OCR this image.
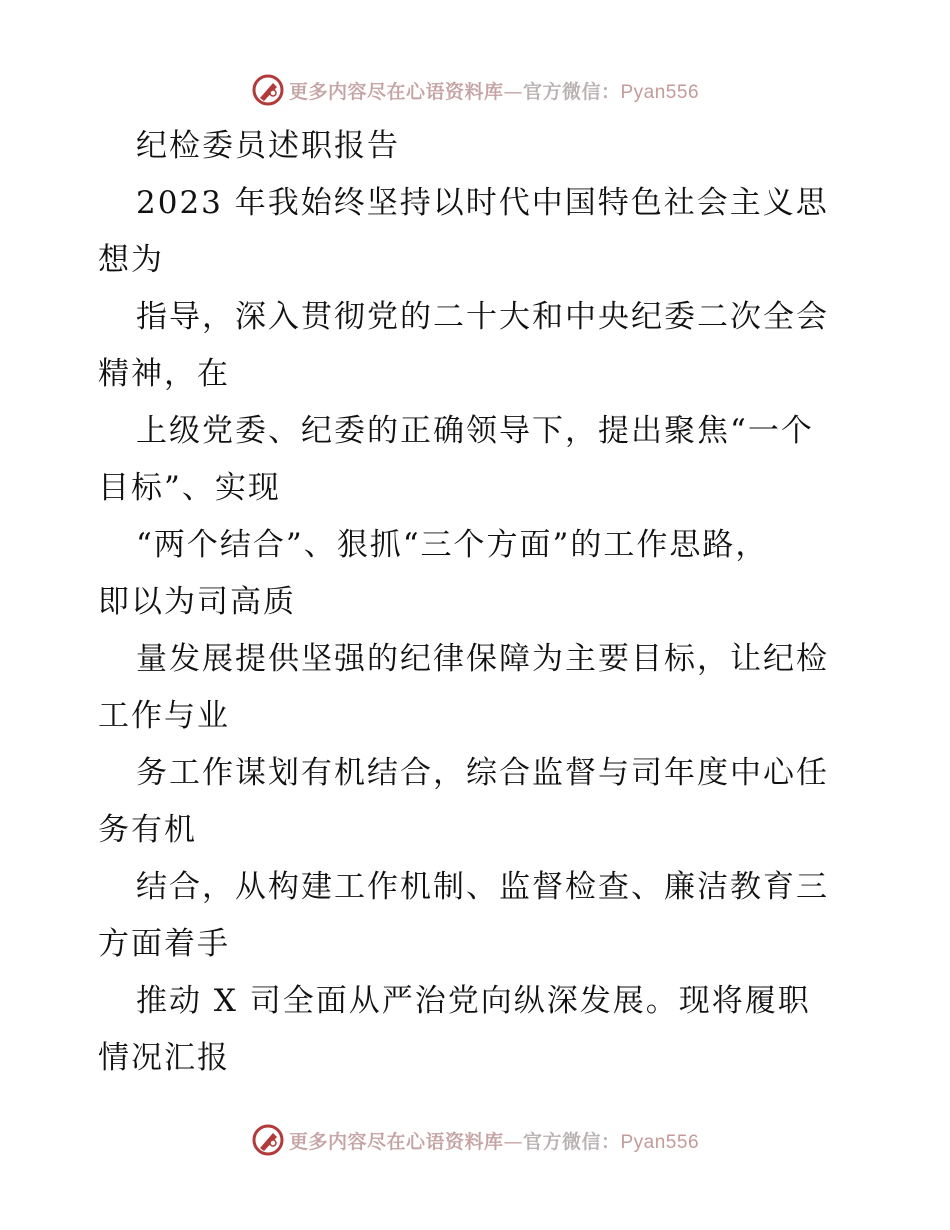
更多内容尽在心语资料库—官方微信：Pyan556
纪检委员述职报告
2023 年我始终坚持以时代中国特色社会主义思
想为
指导，深入贯彻党的二十大和中央纪委二次全会
精神，在
上级党委、纪委的正确领导下，提出聚焦“一个
目标”、实现
“两个结合”、狠抓“三个方面”的工作思路，
即以为司高质
量发展提供坚强的纪律保障为主要目标，让纪检
工作与业
务工作谋划有机结合，综合监督与司年度中心任
务有机
结合，从构建工作机制、监督检查、廉洁教育三
方面着手
推动 X 司全面从严治党向纵深发展。现将履职
情况汇报
更多内容尽在心语资料库—官方微信：Pyan556
